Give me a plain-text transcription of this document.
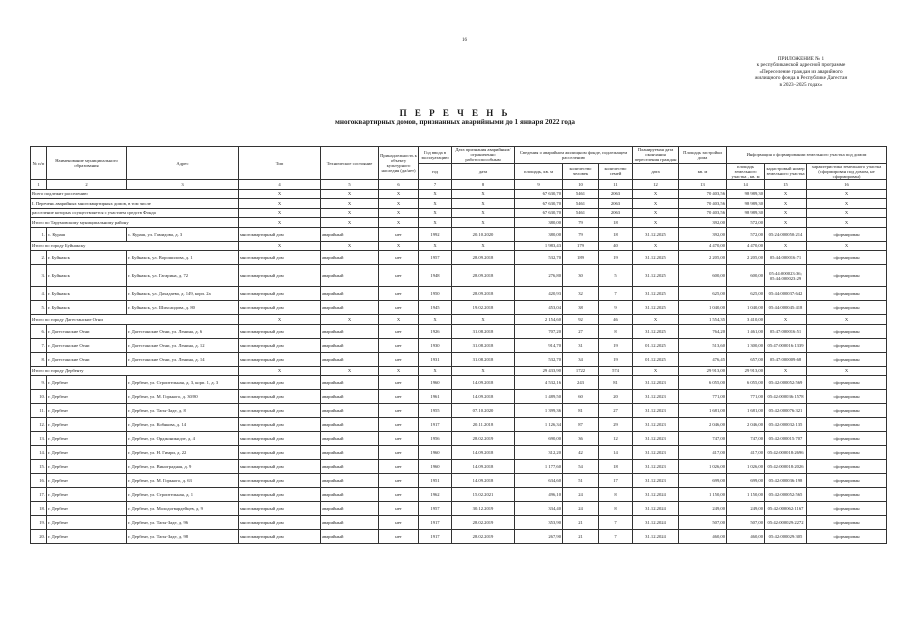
16
ПРИЛОЖЕНИЕ № 1
к республиканской адресной программе
«Переселение граждан из аварийного
жилищного фонда в Республике Дагестан
в 2023–2025 годах»
П Е Р Е Ч Е Н Ь
многоквартирных домов, признанных аварийными до 1 января 2022 года
№ п/п	Наименование муниципального образования	Адрес	Тип	Техническое состояние	Принадлежность к объекту культурного наследия (да/нет)	Год ввода в эксплуатацию	Дата признания аварийным/ограниченно работоспособным	Сведения о аварийном жилищном фонде, подлежащем расселению			Планируемая дата окончания переселения граждан	Площадь застройки дома	Информация о формировании земельного участка под домом		
						год	дата	площадь, кв. м	количество человек	количество семей	дата	кв. м	площадь земельного участка , кв. м	кадастровый номер земельного участка	характеристика земельного участка (сформирован под домом, не сформирован)
1	2	3	4	5	6	7	8	9	10	11	12	13	14	15	16
Всего подлежит расселению			X	X	X	X	X	67 630,70	5461	2063	X	70 403,56	98 989,30	X	X
I. Перечень аварийных многоквартирных домов, в том числе			X	X	X	X	X	67 630,70	5461	2063	X	70 403,56	98 989,30	X	X
расселение которых осуществляется с участием средств Фонда			X	X	X	X	X	67 630,70	5461	2063	X	70 403,56	98 989,30	X	X
Итого по Тарумовскому муниципальному району			X	X	X	X	X	380,00	79	18	X	392,00	572,00	X	X
1.	с. Кураш	с. Кураш, ул. Гамидова, д. 3	многоквартирный дом	аварийный	нет	1992	20.10.2020	380,00	79	18	31.12.2025	392,00	572,00	05:24:000050:214	сформирован
Итого по городу Буйнакску			X	X	X	X	X	1 983,43	179	40	X	4 470,00	4 470,00	X	X
2.	г. Буйнакск	г. Буйнакск, ул. Ворошилова, д. 1	многоквартирный дом	аварийный	нет	1957	28.09.2018	532,70	189	19	31.12.2025	2 205,00	2 205,00	05:44:000016:71	сформирован
3.	г. Буйнакск	г. Буйнакск, ул. Гагарина, д. 72	многоквартирный дом	аварийный	нет	1948	28.09.2018	276,80	30	5	31.12.2025	600,00	600,00	05:44:000023:36; 05:44:000023:29	сформирован
4.	г. Буйнакск	г. Буйнакск, ул. Дахадаева, д. 149, корп. 2а	многоквартирный дом	аварийный	нет	1950	28.09.2018	420,93	32	7	31.12.2025	625,00	625,00	05:44:000037:642	сформирован
5.	г. Буйнакск	г. Буйнакск, ул. Шихсаидова, д. 80	многоквартирный дом	аварийный	нет	1945	19.02.2018	453,04	38	9	31.12.2025	1 040,00	1 040,00	05:44:000045:418	сформирован
Итого по городу Дагестанские Огни			X	X	X	X	X	2 154,60	92	46	X	1 554,35	3 410,00	X	X
6.	г. Дагестанские Огни	г. Дагестанские Огни, ул. Ленина, д. 6	многоквартирный дом	аварийный	нет	1926	31.08.2018	707,20	27	8	31.12.2025	764,20	1 461,00	05:47:000016:51	сформирован
7.	г. Дагестанские Огни	г. Дагестанские Огни, ул. Ленина, д. 12	многоквартирный дом	аварийный	нет	1930	31.08.2018	914,70	31	19	01.12.2025	513,60	1 300,00	05:47:000016:1339	сформирован
8.	г. Дагестанские Огни	г. Дагестанские Огни, ул. Ленина, д. 14	многоквартирный дом	аварийный	нет	1931	31.08.2018	532,70	34	19	01.12.2025	476,45	657,00	05:47:000009:68	сформирован
Итого по городу Дербенту			X	X	X	X	X	29 433,90	1722	574	X	29 913,00	29 913,00	X	X
9.	г. Дербент	г. Дербент, ул. Строительная, д. 3, корп. 1, д. 3	многоквартирный дом	аварийный	нет	1960	14.09.2018	4 532,16	243	81	31.12.2023	6 055,00	6 055,00	05:42:000052:569	сформирован
10.	г. Дербент	г. Дербент, ул. М. Горького, д. 30/80	многоквартирный дом	аварийный	нет	1961	14.09.2018	1 489,50	60	20	31.12.2023	771,00	771,00	05:42:000036:1578	сформирован
11.	г. Дербент	г. Дербент, ул. Тагы-Заде, д. 8	многоквартирный дом	аварийный	нет	1955	07.10.2020	1 399,36	81	27	31.12.2023	1 681,00	1 681,00	05:42:000076:321	сформирован
12.	г. Дербент	г. Дербент, ул. Кобякова, д. 14	многоквартирный дом	аварийный	нет	1917	20.11.2018	1 126,34	87	29	31.12.2023	2 046,00	2 046,00	05:42:000032:135	сформирован
13.	г. Дербент	г. Дербент, ул. Орджоникидзе, д. 4	многоквартирный дом	аварийный	нет	1956	28.02.2019	690,00	36	12	31.12.2023	747,00	747,00	05:42:000015:707	сформирован
14.	г. Дербент	г. Дербент, ул. Н. Гимри, д. 22	многоквартирный дом	аварийный	нет	1960	14.09.2018	312,20	42	14	31.12.2023	417,00	417,00	05:42:000018:2696	сформирован
15.	г. Дербент	г. Дербент, ул. Виноградная, д. 9	многоквартирный дом	аварийный	нет	1960	14.09.2018	1 177,60	54	18	31.12.2023	1 026,00	1 026,00	05:42:000018:2026	сформирован
16.	г. Дербент	г. Дербент, ул. М. Горького, д. 63	многоквартирный дом	аварийный	нет	1951	14.09.2018	634,60	51	17	31.12.2023	699,00	699,00	05:42:000036:198	сформирован
17.	г. Дербент	г. Дербент, ул. Строительная, д. 1	многоквартирный дом	аварийный	нет	1962	15.02.2021	496,10	24	8	31.12.2024	1 150,00	1 150,00	05:42:000052:565	сформирован
18.	г. Дербент	г. Дербент, ул. Молодогвардейцев, д. 9	многоквартирный дом	аварийный	нет	1957	30.12.2019	334,40	24	8	31.12.2024	249,00	249,00	05:42:000062:1167	сформирован
19.	г. Дербент	г. Дербент, ул. Тагы-Заде, д. 96	многоквартирный дом	аварийный	нет	1917	28.02.2019	353,90	21	7	31.12.2024	507,00	507,00	05:42:000029:2272	сформирован
20.	г. Дербент	г. Дербент, ул. Тагы-Заде, д. 98	многоквартирный дом	аварийный	нет	1917	28.02.2019	267,90	21	7	31.12.2024	460,00	460,00	05:42:000029:305	сформирован
